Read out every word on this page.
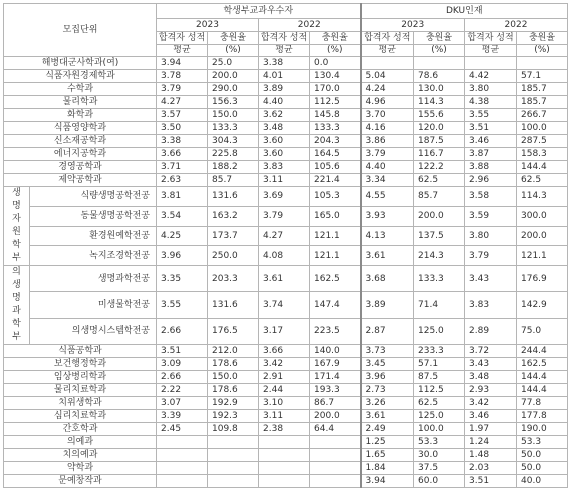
모집단위		학생부교과우수자				DKU인재			
		2023		2022		2023		2022	
		합격자 성적	충원율	합격자 성적	충원율	합격자 성적	충원율	합격자 성적	충원율
		평균	(%)	평균	(%)	평균	(%)	평균	(%)
해병대군사학과(여)		3.94	25.0	3.38	0.0				
식품자원경제학과		3.78	200.0	4.01	130.4	5.04	78.6	4.42	57.1
수학과		3.79	290.0	3.89	170.0	4.24	130.0	3.80	185.7
물리학과		4.27	156.3	4.40	112.5	4.96	114.3	4.38	185.7
화학과		3.57	150.0	3.62	145.8	3.70	155.6	3.55	266.7
식품영양학과		3.50	133.3	3.48	133.3	4.16	120.0	3.51	100.0
신소재공학과		3.38	304.3	3.60	204.3	3.86	187.5	3.46	287.5
에너지공학과		3.66	225.8	3.60	164.5	3.79	116.7	3.87	158.3
경영공학과		3.71	188.2	3.83	105.6	4.40	122.2	3.88	144.4
제약공학과		2.63	85.7	3.11	221.4	3.34	62.5	2.96	62.5
생명자원학부	식량생명공학전공	3.81	131.6	3.69	105.3	4.55	85.7	3.58	114.3
	동물생명공학전공	3.54	163.2	3.79	165.0	3.93	200.0	3.59	300.0
	환경원예학전공	4.25	173.7	4.27	121.1	4.13	137.5	3.80	200.0
	녹지조경학전공	3.96	250.0	4.08	121.1	3.61	214.3	3.79	121.1
의생명과학부	생명과학전공	3.35	203.3	3.61	162.5	3.68	133.3	3.43	176.9
	미생물학전공	3.55	131.6	3.74	147.4	3.89	71.4	3.83	142.9
	의생명시스템학전공	2.66	176.5	3.17	223.5	2.87	125.0	2.89	75.0
식품공학과		3.51	212.0	3.66	140.0	3.73	233.3	3.72	244.4
보건행정학과		3.09	178.6	3.42	167.9	3.45	57.1	3.43	162.5
임상병리학과		2.66	150.0	2.91	171.4	3.96	87.5	3.48	144.4
물리치료학과		2.22	178.6	2.44	193.3	2.73	112.5	2.93	144.4
치위생학과		3.07	192.9	3.10	86.7	3.26	62.5	3.42	77.8
심리치료학과		3.39	192.3	3.11	200.0	3.61	125.0	3.46	177.8
간호학과		2.45	109.8	2.38	64.4	2.49	100.0	1.97	190.0
의예과						1.25	53.3	1.24	53.3
치의예과						1.65	30.0	1.48	50.0
약학과						1.84	37.5	2.03	50.0
문예창작과						3.94	60.0	3.51	40.0
